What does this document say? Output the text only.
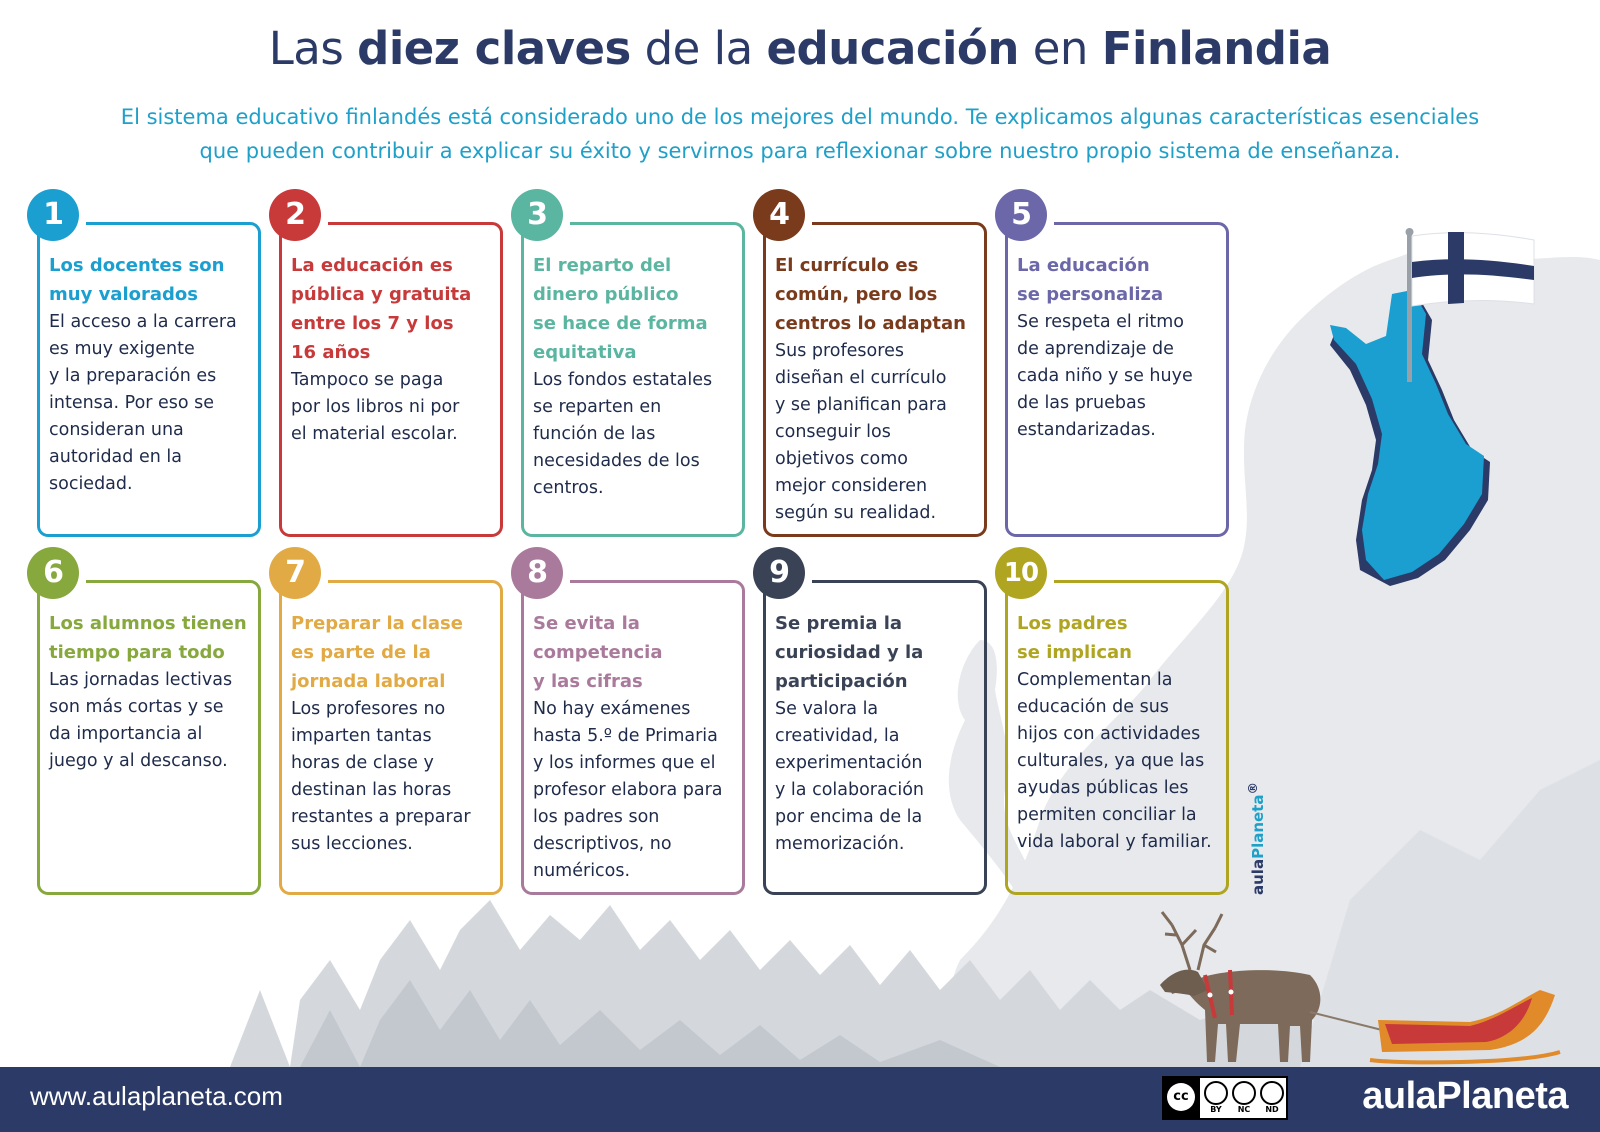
Las diez claves de la educación en Finlandia
El sistema educativo finlandés está considerado uno de los mejores del mundo. Te explicamos algunas características esenciales
que pueden contribuir a explicar su éxito y servirnos para reflexionar sobre nuestro propio sistema de enseñanza.
1
Los docentes son
muy valorados
El acceso a la carrera
es muy exigente
y la preparación es
intensa. Por eso se
consideran una
autoridad en la
sociedad.
2
La educación es
pública y gratuita
entre los 7 y los
16 años
Tampoco se paga
por los libros ni por
el material escolar.
3
El reparto del
dinero público
se hace de forma
equitativa
Los fondos estatales
se reparten en
función de las
necesidades de los
centros.
4
El currículo es
común, pero los
centros lo adaptan
Sus profesores
diseñan el currículo
y se planifican para
conseguir los
objetivos como
mejor consideren
según su realidad.
5
La educación
se personaliza
Se respeta el ritmo
de aprendizaje de
cada niño y se huye
de las pruebas
estandarizadas.
6
Los alumnos tienen
tiempo para todo
Las jornadas lectivas
son más cortas y se
da importancia al
juego y al descanso.
7
Preparar la clase
es parte de la
jornada laboral
Los profesores no
imparten tantas
horas de clase y
destinan las horas
restantes a preparar
sus lecciones.
8
Se evita la
competencia
y las cifras
No hay exámenes
hasta 5.º de Primaria
y los informes que el
profesor elabora para
los padres son
descriptivos, no
numéricos.
9
Se premia la
curiosidad y la
participación
Se valora la
creatividad, la
experimentación
y la colaboración
por encima de la
memorización.
10
Los padres
se implican
Complementan la
educación de sus
hijos con actividades
culturales, ya que las
ayudas públicas les
permiten conciliar la
vida laboral y familiar.
aulaPlaneta®
www.aulaplaneta.com	cc
BY	NC	ND aulaPlaneta
